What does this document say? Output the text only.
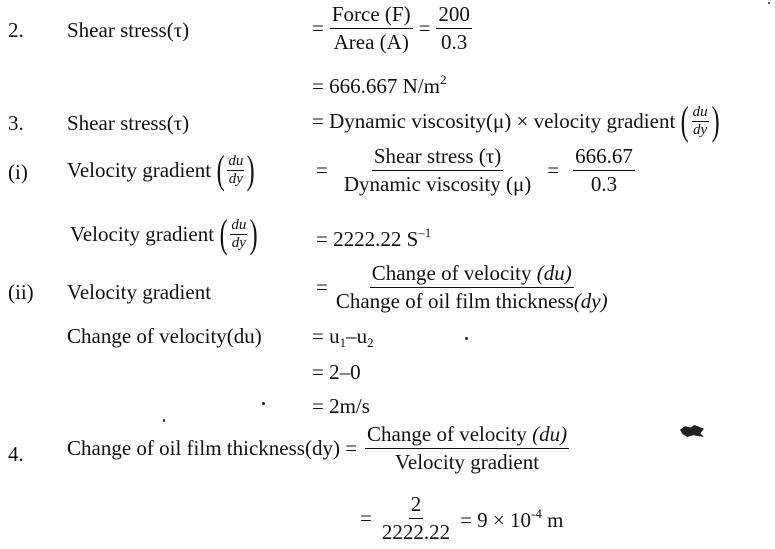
2. Shear stress(τ)	= $\frac{\text{Force (F)}}{\text{Area (A)}} = \frac{200}{0.3}$
= 666.667 $N/m^2$
3. Shear stress(τ)	= Dynamic viscosity(μ) × velocity gradient ( $\frac{du}{dy}$ )
(i) Velocity gradient ( $\frac{du}{dy}$ )	= $\frac{\text{Shear stress (τ)}}{\text{Dynamic viscosity (μ)}} = \frac{666.67}{0.3}$
Velocity gradient ( $\frac{du}{dy}$ )	= 2222.22 $S^{-1}$
(ii) Velocity gradient	= $\frac{\text{Change of velocity (du)}}{\text{Change of oil film thickness(dy)}}$
Change of velocity(du) = $u_1-u_2$
= 2–0
= 2m/s
4. Change of oil film thickness(dy) = $\frac{\text{Change of velocity (du)}}{\text{Velocity gradient}}$
= $\frac{2}{2222.22} = 9 \times 10^{-4}$ m
